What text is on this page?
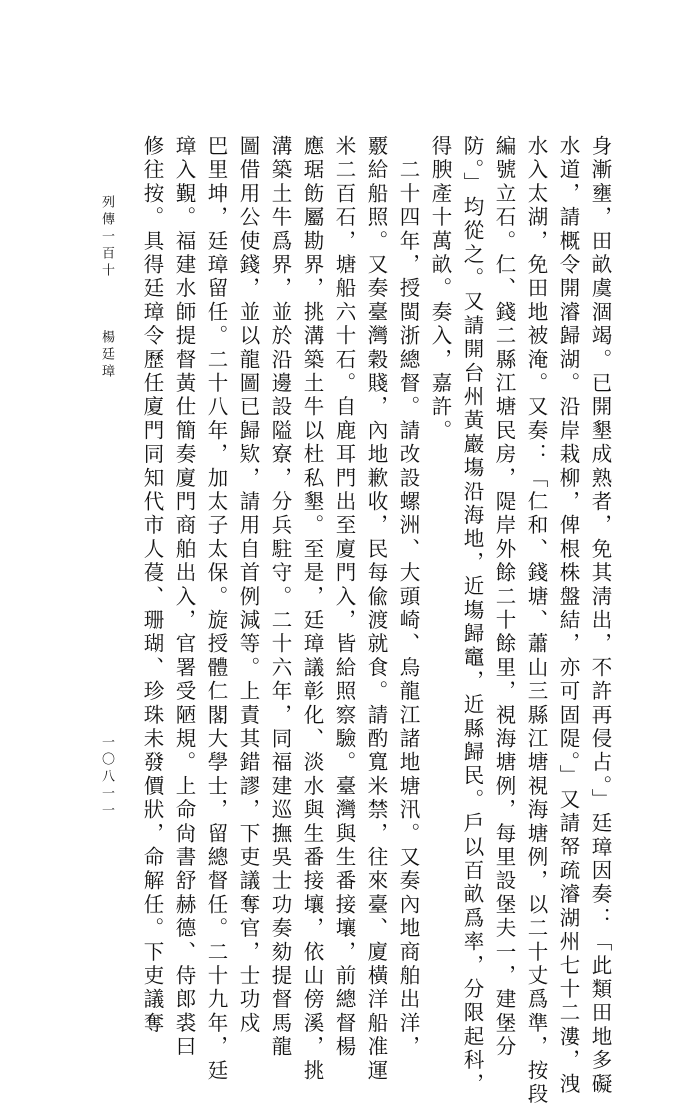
身漸壅，田畝虞涸竭。已開墾成熟者，免其淸出，不許再侵占。」廷璋因奏：「此類田地多礙
水道，請概令開濬歸湖。沿岸栽柳，俾根株盤結，亦可固隄。」又請帑疏濬湖州七十二漊，洩
水入太湖，免田地被淹。又奏：「仁和、錢塘、蕭山三縣江塘視海塘例，以二十丈爲準，按段
編號立石。仁、錢二縣江塘民房，隄岸外餘二十餘里，視海塘例，每里設堡夫一，建堡分
防。」均從之。又請開台州黃巖塲沿海地，近塲歸竈，近縣歸民。戶以百畝爲率，分限起科，
得腴產十萬畝。奏入，嘉許。
　二十四年，授閩浙總督。請改設螺洲、大頭崎、烏龍江諸地塘汛。又奏內地商舶出洋，
覈給船照。又奏臺灣穀賤，內地歉收，民每偸渡就食。請酌寬米禁，往來臺、廈橫洋船准運
米二百石，塘船六十石。自鹿耳門出至廈門入，皆給照察驗。臺灣與生番接壤，前總督楊
應琚飭屬勘界，挑溝築土牛以杜私墾。至是，廷璋議彰化、淡水與生番接壤，依山傍溪，挑
溝築土牛爲界，並於沿邊設隘寮，分兵駐守。二十六年，同福建巡撫吳士功奏劾提督馬龍
圖借用公使錢，並以龍圖已歸欵，請用自首例減等。上責其錯謬，下吏議奪官，士功戍
巴里坤，廷璋留任。二十八年，加太子太保。旋授體仁閣大學士，留總督任。二十九年，廷
璋入覲。福建水師提督黃仕簡奏廈門商舶出入，官署受陋規。上命尙書舒赫德、侍郎裘曰
修往按。具得廷璋令歷任廈門同知代市人葠、珊瑚、珍珠未發價狀，命解任。下吏議奪
列傳一百十
楊廷璋
一〇八一一
